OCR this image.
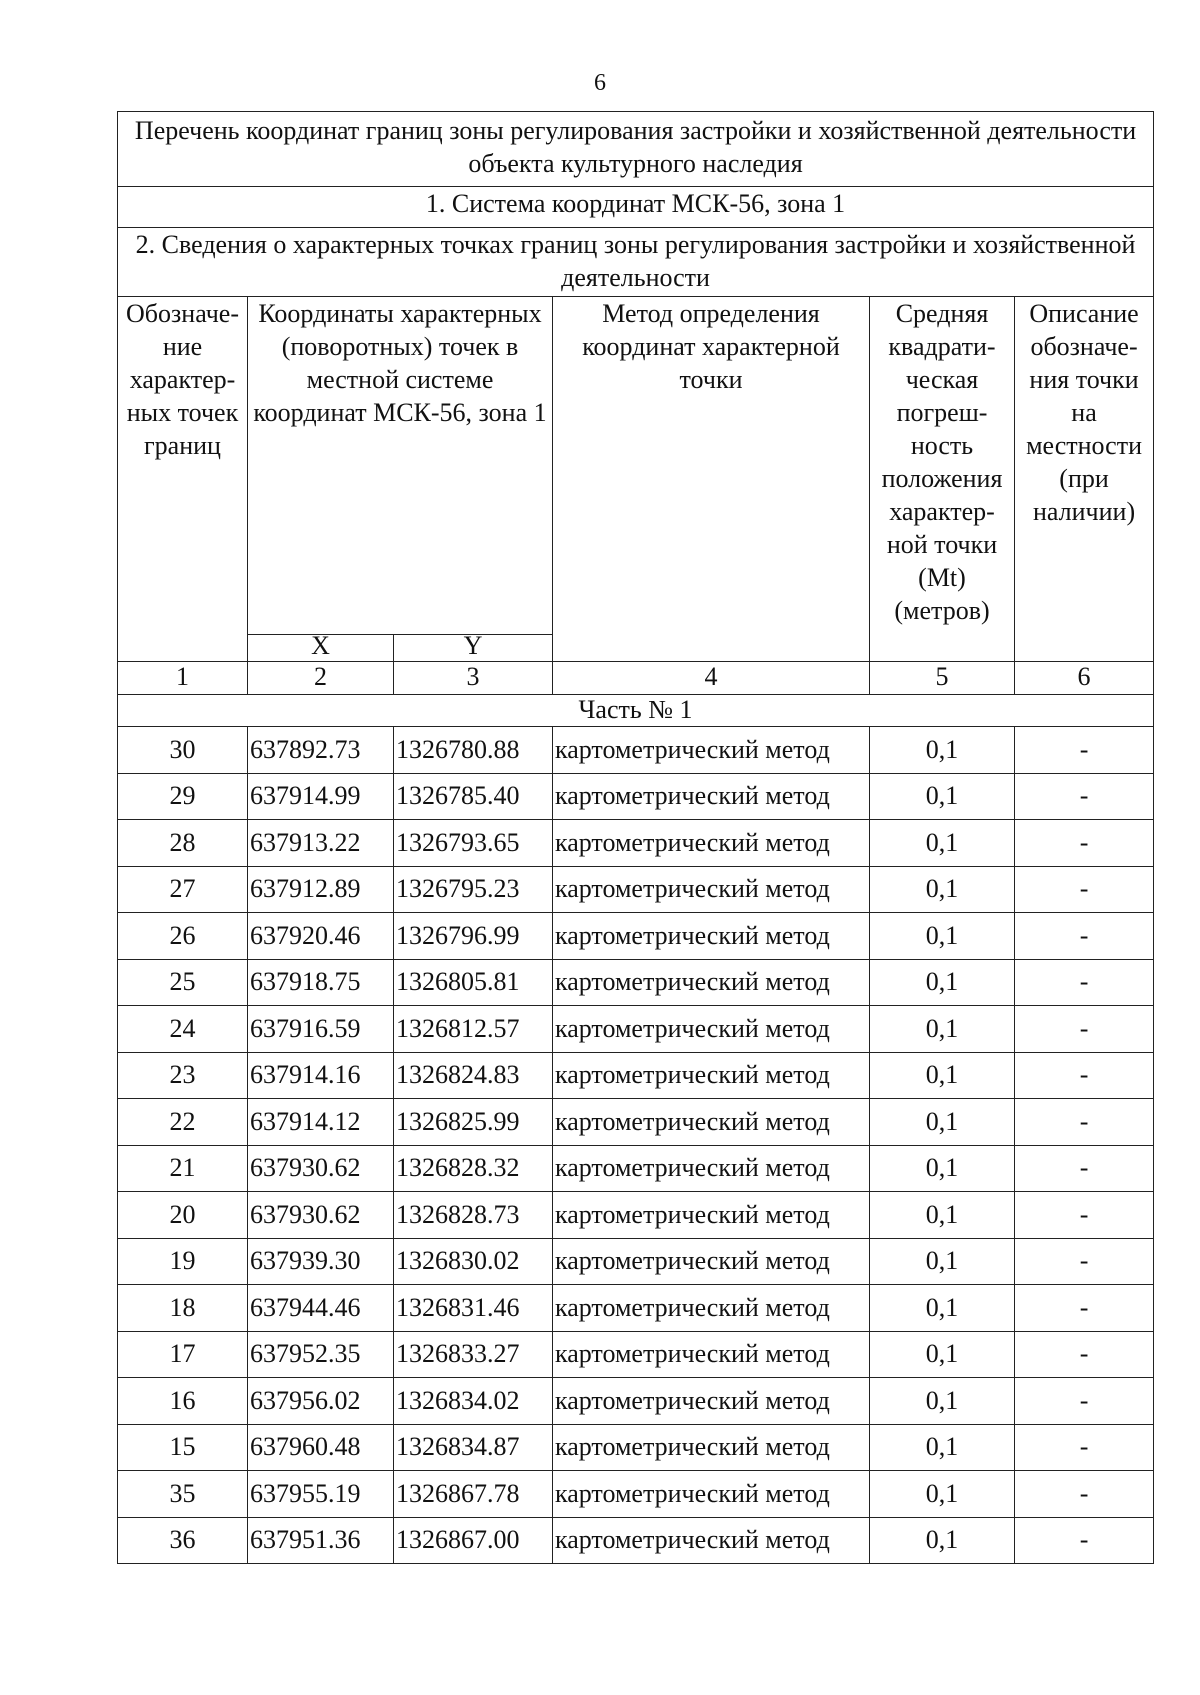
6
Перечень координат границ зоны регулирования застройки и хозяйственной деятельности объекта культурного наследия					
1. Система координат МСК-56, зона 1					
2. Сведения о характерных точках границ зоны регулирования застройки и хозяйственной деятельности					
Обозначе-ние характер-ных точек границ	Координаты характерных (поворотных) точек в местной системе координат МСК-56, зона 1		Метод определения координат характерной точки	Средняя квадрати-ческая погреш-ность положения характер-ной точки (Mt) (метров)	Описание обозначе-ния точки на местности (при наличии)
	X	Y			
1	2	3	4	5	6
Часть № 1					
30	637892.73	1326780.88	картометрический метод	0,1	-
29	637914.99	1326785.40	картометрический метод	0,1	-
28	637913.22	1326793.65	картометрический метод	0,1	-
27	637912.89	1326795.23	картометрический метод	0,1	-
26	637920.46	1326796.99	картометрический метод	0,1	-
25	637918.75	1326805.81	картометрический метод	0,1	-
24	637916.59	1326812.57	картометрический метод	0,1	-
23	637914.16	1326824.83	картометрический метод	0,1	-
22	637914.12	1326825.99	картометрический метод	0,1	-
21	637930.62	1326828.32	картометрический метод	0,1	-
20	637930.62	1326828.73	картометрический метод	0,1	-
19	637939.30	1326830.02	картометрический метод	0,1	-
18	637944.46	1326831.46	картометрический метод	0,1	-
17	637952.35	1326833.27	картометрический метод	0,1	-
16	637956.02	1326834.02	картометрический метод	0,1	-
15	637960.48	1326834.87	картометрический метод	0,1	-
35	637955.19	1326867.78	картометрический метод	0,1	-
36	637951.36	1326867.00	картометрический метод	0,1	-
